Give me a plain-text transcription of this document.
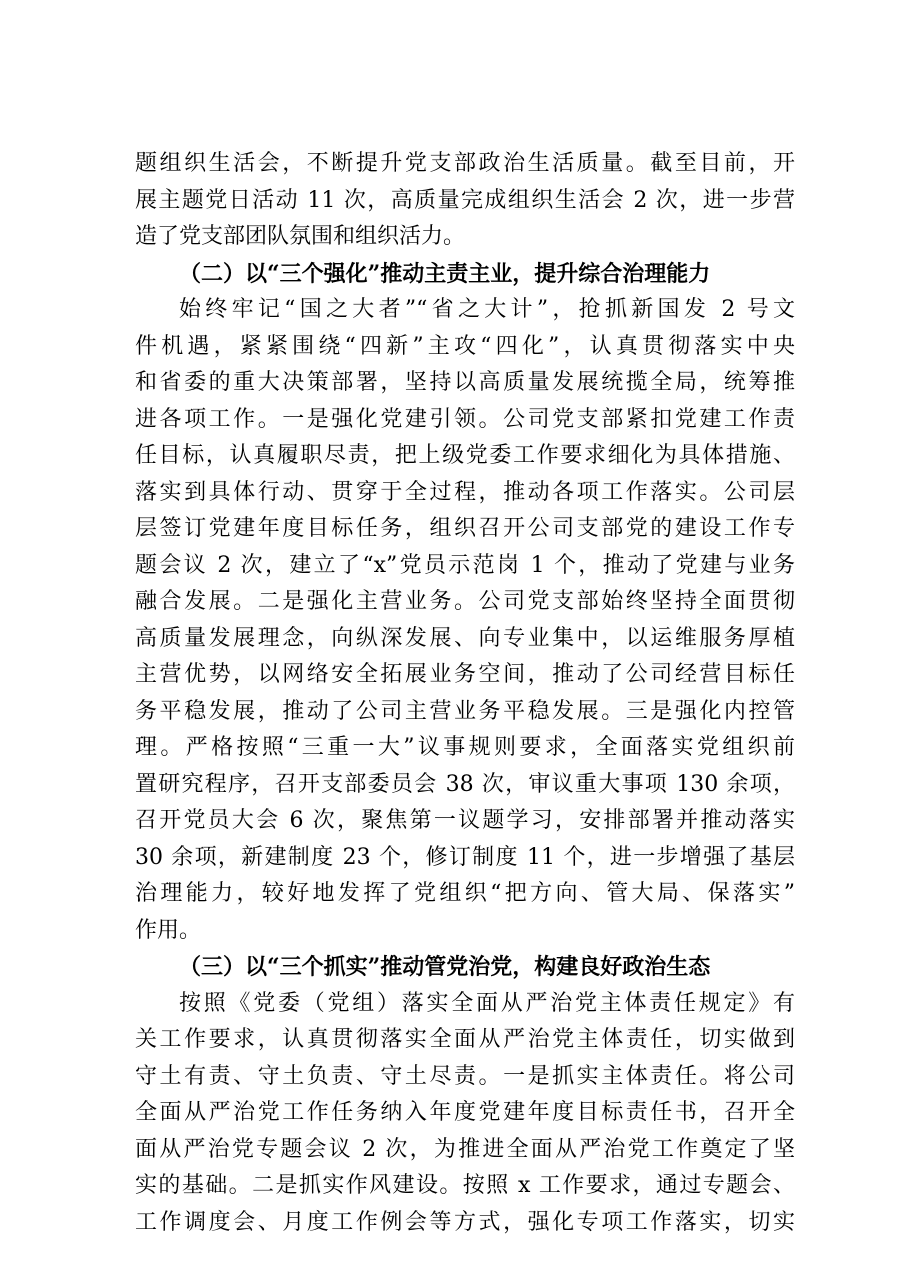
题组织生活会，不断提升党支部政治生活质量。截至目前，开
展主题党日活动 11 次，高质量完成组织生活会 2 次，进一步营
造了党支部团队氛围和组织活力。
（二）以“三个强化”推动主责主业，提升综合治理能力
始终牢记“国之大者”“省之大计”，抢抓新国发 2 号文
件机遇，紧紧围绕“四新”主攻“四化”，认真贯彻落实中央
和省委的重大决策部署，坚持以高质量发展统揽全局，统筹推
进各项工作。一是强化党建引领。公司党支部紧扣党建工作责
任目标，认真履职尽责，把上级党委工作要求细化为具体措施、
落实到具体行动、贯穿于全过程，推动各项工作落实。公司层
层签订党建年度目标任务，组织召开公司支部党的建设工作专
题会议 2 次，建立了“x”党员示范岗 1 个，推动了党建与业务
融合发展。二是强化主营业务。公司党支部始终坚持全面贯彻
高质量发展理念，向纵深发展、向专业集中，以运维服务厚植
主营优势，以网络安全拓展业务空间，推动了公司经营目标任
务平稳发展，推动了公司主营业务平稳发展。三是强化内控管
理。严格按照“三重一大”议事规则要求，全面落实党组织前
置研究程序，召开支部委员会 38 次，审议重大事项 130 余项，
召开党员大会 6 次，聚焦第一议题学习，安排部署并推动落实
30 余项，新建制度 23 个，修订制度 11 个，进一步增强了基层
治理能力，较好地发挥了党组织“把方向、管大局、保落实”
作用。
（三）以“三个抓实”推动管党治党，构建良好政治生态
按照《党委（党组）落实全面从严治党主体责任规定》有
关工作要求，认真贯彻落实全面从严治党主体责任，切实做到
守土有责、守土负责、守土尽责。一是抓实主体责任。将公司
全面从严治党工作任务纳入年度党建年度目标责任书，召开全
面从严治党专题会议 2 次，为推进全面从严治党工作奠定了坚
实的基础。二是抓实作风建设。按照 x 工作要求，通过专题会、
工作调度会、月度工作例会等方式，强化专项工作落实，切实
